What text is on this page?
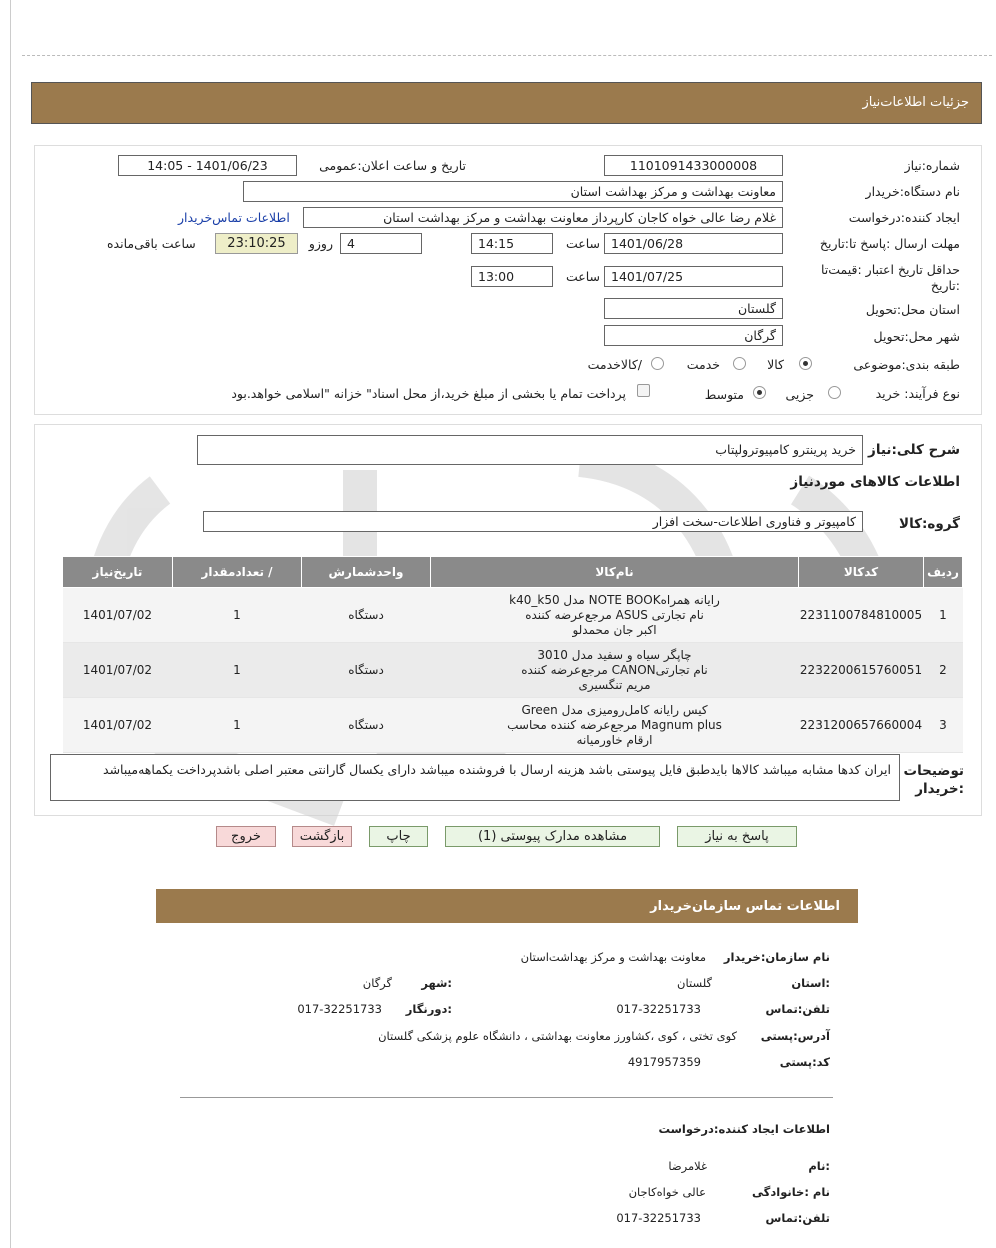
جزئیات اطلاعات‌نیاز
شماره:نیاز
1101091433000008
تاریخ و ساعت اعلان:عمومی
1401/06/23 - 14:05
نام دستگاه:خریدار
معاونت بهداشت و مرکز بهداشت استان
ایجاد کننده:درخواست
غلام رضا عالی خواه کاجان کارپرداز معاونت بهداشت و مرکز بهداشت استان
اطلاعات تماس‌خریدار
مهلت ارسال :پاسخ تا:تاریخ
1401/06/28
ساعت
14:15
4
روزو
23:10:25
ساعت باقی‌مانده
حداقل تاریخ اعتبار :قیمت‌تا :تاریخ
1401/07/25
ساعت
13:00
استان محل:تحویل
گلستان
شهر محل:تحویل
گرگان
طبقه بندی:موضوعی
کالا
خدمت
/کالاخدمت
نوع فرآیند: خرید
جزیی
متوسط
پرداخت تمام یا بخشی از مبلغ خرید،از محل اسناد" خزانه "اسلامی خواهد.بود
شرح کلی:نیاز
خرید پرینترو کامپیوترولپتاب
اطلاعات کالاهای موردنیاز
گروه:کالا
کامپیوتر و فناوری اطلاعات-سخت افزار
ردیف	کدکالا	نام‌کالا	واحدشمارش	/ تعدادمقدار	تاریخ‌نیاز
1	2231100784810005	رایانه همراهNOTE BOOK مدل k40_k50
نام تجارتی ASUS مرجع‌عرضه کننده
اکبر جان محمدلو	دستگاه	1	1401/07/02
2	2232200615760051	چاپگر سیاه و سفید مدل 3010
نام تجارتیCANON مرجع‌عرضه کننده
مریم تنگسیری	دستگاه	1	1401/07/02
3	2231200657660004	کیس رایانه کامل‌رومیزی مدل Green
Magnum plus مرجع‌عرضه کننده محاسب
ارقام خاورمیانه	دستگاه	1	1401/07/02
توضیحات :خریدار
ایران کدها مشابه میباشد کالاها بایدطبق فایل پیوستی باشد هزینه ارسال با فروشنده میباشد دارای یکسال گارانتی معتبر اصلی باشدپرداخت یکماهه‌میباشد
پاسخ به نیاز
مشاهده مدارک پیوستی (1)
چاپ
بازگشت
خروج
اطلاعات تماس سازمان‌خریدار
نام سازمان:خریدار
معاونت بهداشت و مرکز بهداشت‌استان
:استان
گلستان
:شهر
گرگان
تلفن:تماس
017-32251733
:دورنگار
017-32251733
آدرس:پستی
کوی تختی ، کوی ،کشاورز معاونت بهداشتی ، دانشگاه علوم پزشکی گلستان
کد:پستی
4917957359
اطلاعات ایجاد کننده:درخواست
:نام
غلامرضا
نام :خانوادگی
عالی خواه‌کاجان
تلفن:تماس
017-32251733
